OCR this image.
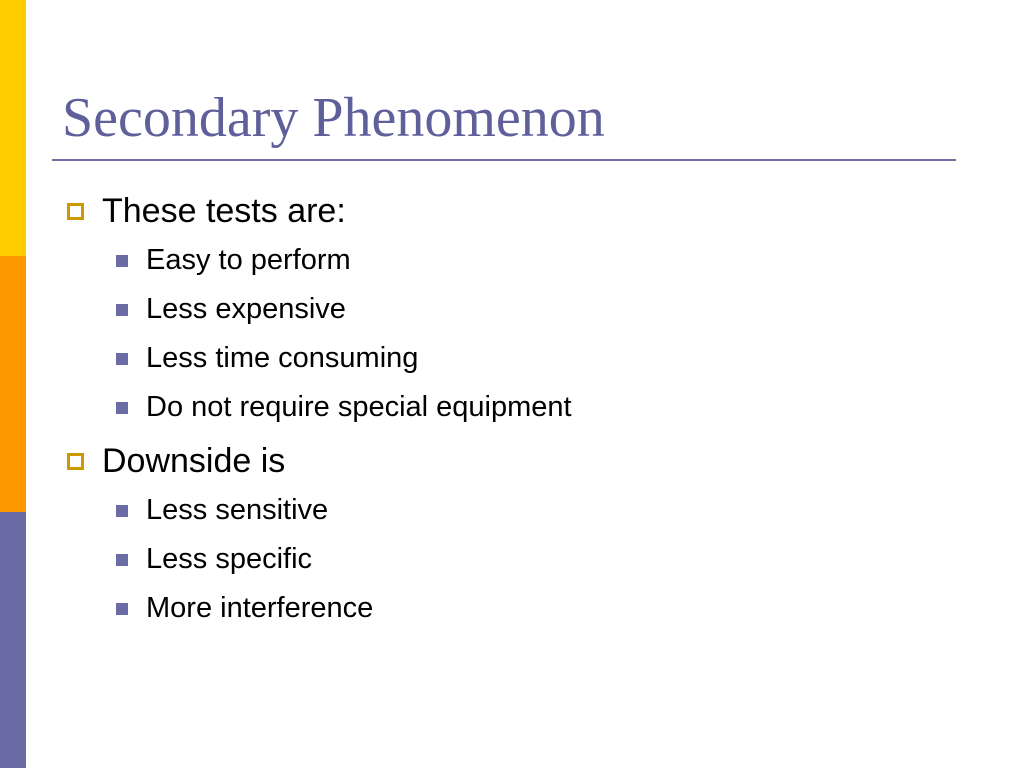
Secondary Phenomenon
These tests are:
Easy to perform
Less expensive
Less time consuming
Do not require special equipment
Downside is
Less sensitive
Less specific
More interference
